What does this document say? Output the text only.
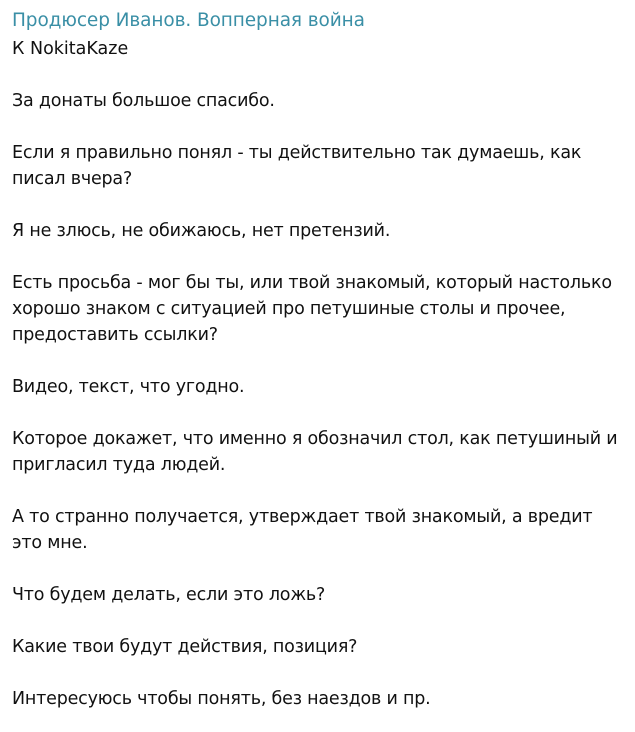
Продюсер Иванов. Вопперная война
К NokitaKaze

За донаты большое спасибо.

Если я правильно понял - ты действительно так думаешь, как писал вчера?

Я не злюсь, не обижаюсь, нет претензий.

Есть просьба - мог бы ты, или твой знакомый, который настолько хорошо знаком с ситуацией про петушиные столы и прочее, предоставить ссылки?

Видео, текст, что угодно.

Которое докажет, что именно я обозначил стол, как петушиный и пригласил туда людей.

А то странно получается, утверждает твой знакомый, а вредит это мне.

Что будем делать, если это ложь?

Какие твои будут действия, позиция?

Интересуюсь чтобы понять, без наездов и пр.
